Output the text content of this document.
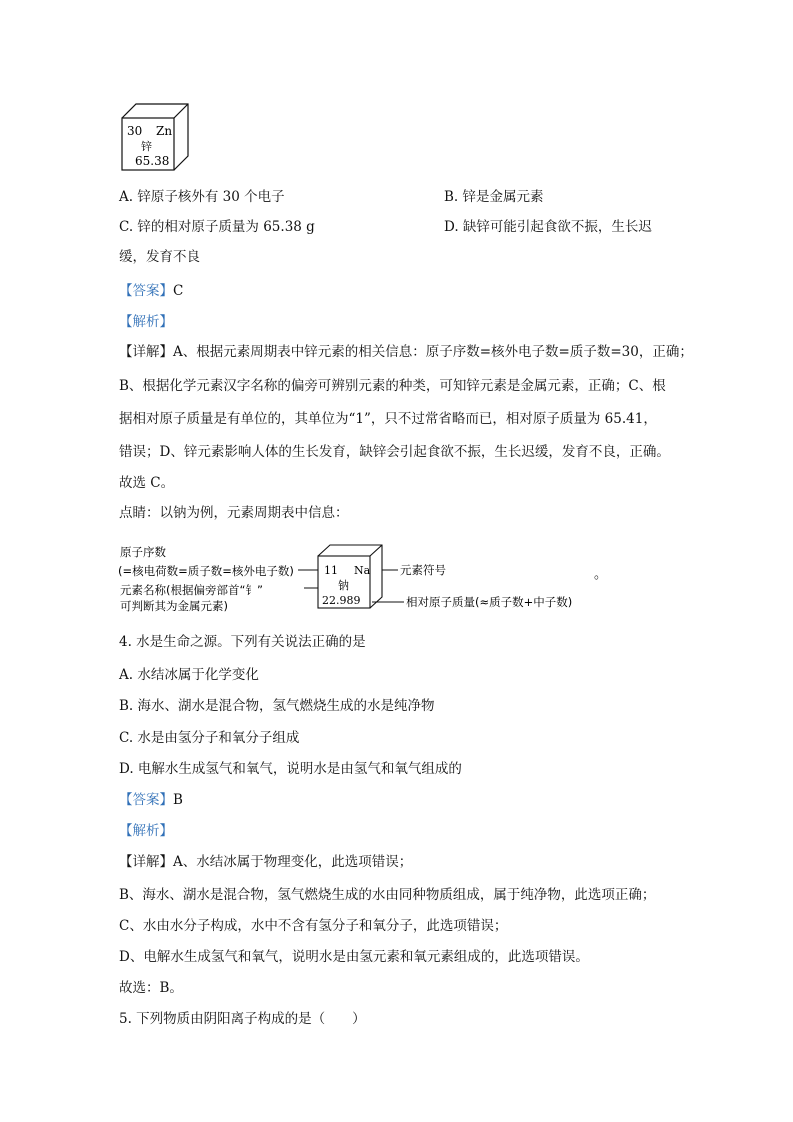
30 Zn
锌
65.38
A. 锌原子核外有 30 个电子	B. 锌是金属元素
C. 锌的相对原子质量为 65.38 g	D. 缺锌可能引起食欲不振，生长迟
缓，发育不良
【答案】C
【解析】
【详解】A、根据元素周期表中锌元素的相关信息：原子序数=核外电子数=质子数=30，正确；
B、根据化学元素汉字名称的偏旁可辨别元素的种类，可知锌元素是金属元素，正确；C、根
据相对原子质量是有单位的，其单位为“1”，只不过常省略而已，相对原子质量为 65.41，
错误；D、锌元素影响人体的生长发育，缺锌会引起食欲不振，生长迟缓，发育不良，正确。
故选 C。
点睛：以钠为例，元素周期表中信息：
原子序数
(=核电荷数=质子数=核外电子数)
元素名称(根据偏旁部首“钅”
可判断其为金属元素)
11 Na
钠
22.989
元素符号
相对原子质量(≈质子数+中子数)
。
4. 水是生命之源。下列有关说法正确的是
A. 水结冰属于化学变化
B. 海水、湖水是混合物，氢气燃烧生成的水是纯净物
C. 水是由氢分子和氧分子组成
D. 电解水生成氢气和氧气，说明水是由氢气和氧气组成的
【答案】B
【解析】
【详解】A、水结冰属于物理变化，此选项错误；
B、海水、湖水是混合物，氢气燃烧生成的水由同种物质组成，属于纯净物，此选项正确；
C、水由水分子构成，水中不含有氢分子和氧分子，此选项错误；
D、电解水生成氢气和氧气，说明水是由氢元素和氧元素组成的，此选项错误。
故选：B。
5. 下列物质由阴阳离子构成的是（　　）
